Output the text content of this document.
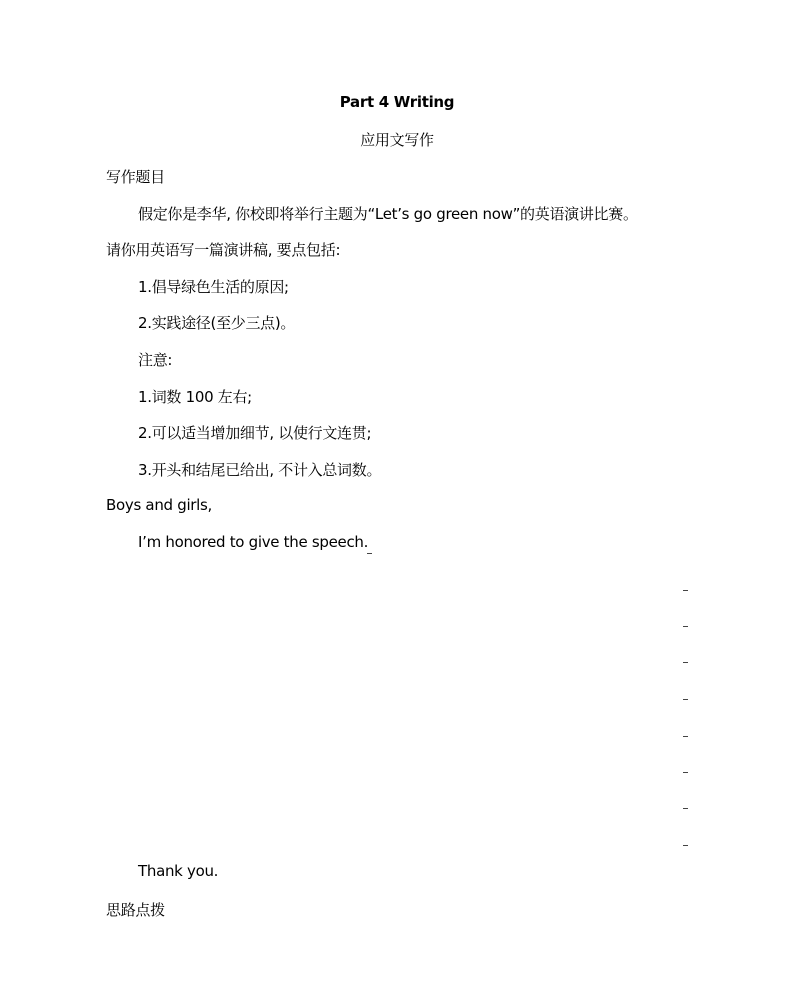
Part 4 Writing
应用文写作
写作题目
假定你是李华, 你校即将举行主题为“Let’s go green now”的英语演讲比赛。
请你用英语写一篇演讲稿, 要点包括:
1.倡导绿色生活的原因;
2.实践途径(至少三点)。
注意:
1.词数 100 左右;
2.可以适当增加细节, 以使行文连贯;
3.开头和结尾已给出, 不计入总词数。
Boys and girls,
I’m honored to give the speech.
Thank you.
思路点拨
